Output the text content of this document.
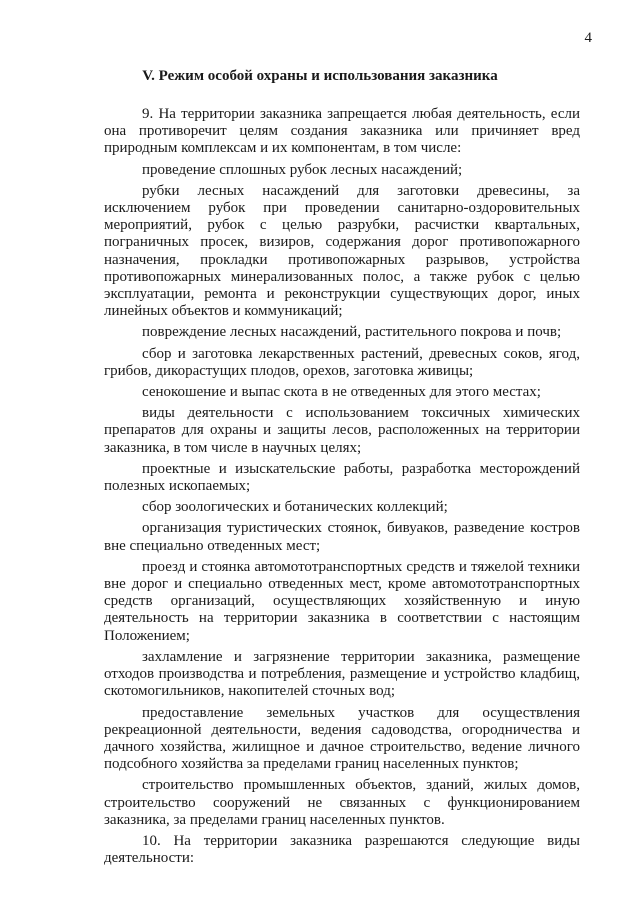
4
V. Режим особой охраны и использования заказника

9. На территории заказника запрещается любая деятельность, если она противоречит целям создания заказника или причиняет вред природным комплексам и их компонентам, в том числе:

проведение сплошных рубок лесных насаждений;

рубки лесных насаждений для заготовки древесины, за исключением рубок при проведении санитарно-оздоровительных мероприятий, рубок с целью разрубки, расчистки квартальных, пограничных просек, визиров, содержания дорог противопожарного назначения, прокладки противопожарных разрывов, устройства противопожарных минерализованных полос, а также рубок с целью эксплуатации, ремонта и реконструкции существующих дорог, иных линейных объектов и коммуникаций;

повреждение лесных насаждений, растительного покрова и почв;

сбор и заготовка лекарственных растений, древесных соков, ягод, грибов, дикорастущих плодов, орехов, заготовка живицы;

сенокошение и выпас скота в не отведенных для этого местах;

виды деятельности с использованием токсичных химических препаратов для охраны и защиты лесов, расположенных на территории заказника, в том числе в научных целях;

проектные и изыскательские работы, разработка месторождений полезных ископаемых;

сбор зоологических и ботанических коллекций;

организация туристических стоянок, бивуаков, разведение костров вне специально отведенных мест;

проезд и стоянка автомототранспортных средств и тяжелой техники вне дорог и специально отведенных мест, кроме автомототранспортных средств организаций, осуществляющих хозяйственную и иную деятельность на территории заказника в соответствии с настоящим Положением;

захламление и загрязнение территории заказника, размещение отходов производства и потребления, размещение и устройство кладбищ, скотомогильников, накопителей сточных вод;

предоставление земельных участков для осуществления рекреационной деятельности, ведения садоводства, огородничества и дачного хозяйства, жилищное и дачное строительство, ведение личного подсобного хозяйства за пределами границ населенных пунктов;

строительство промышленных объектов, зданий, жилых домов, строительство сооружений не связанных с функционированием заказника, за пределами границ населенных пунктов.

10. На территории заказника разрешаются следующие виды деятельности:
